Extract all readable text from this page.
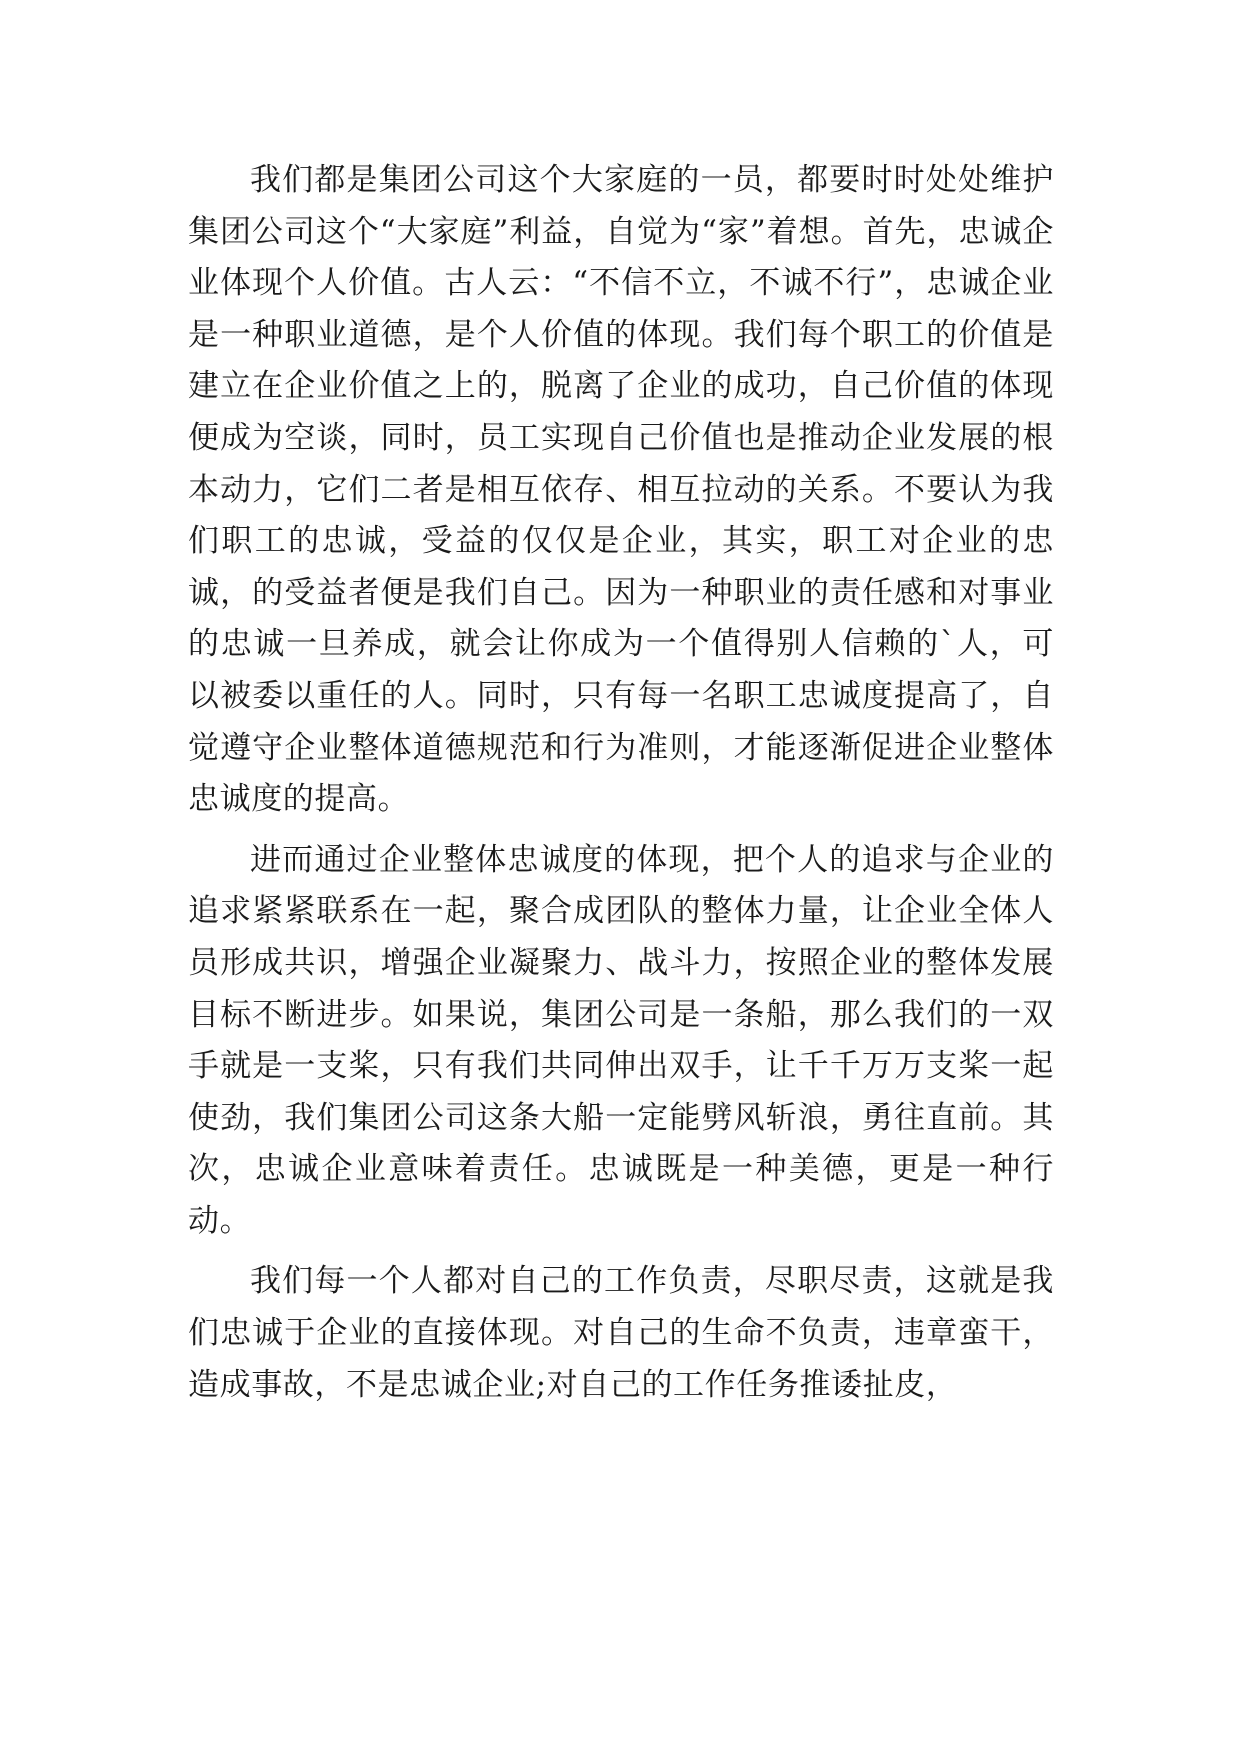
我们都是集团公司这个大家庭的一员，都要时时处处维护集团公司这个“大家庭”利益，自觉为“家”着想。首先，忠诚企业体现个人价值。古人云：“不信不立，不诚不行”，忠诚企业是一种职业道德，是个人价值的体现。我们每个职工的价值是建立在企业价值之上的，脱离了企业的成功，自己价值的体现便成为空谈，同时，员工实现自己价值也是推动企业发展的根本动力，它们二者是相互依存、相互拉动的关系。不要认为我们职工的忠诚，受益的仅仅是企业，其实，职工对企业的忠诚，的受益者便是我们自己。因为一种职业的责任感和对事业的忠诚一旦养成，就会让你成为一个值得别人信赖的`人，可以被委以重任的人。同时，只有每一名职工忠诚度提高了，自觉遵守企业整体道德规范和行为准则，才能逐渐促进企业整体忠诚度的提高。

进而通过企业整体忠诚度的体现，把个人的追求与企业的追求紧紧联系在一起，聚合成团队的整体力量，让企业全体人员形成共识，增强企业凝聚力、战斗力，按照企业的整体发展目标不断进步。如果说，集团公司是一条船，那么我们的一双手就是一支桨，只有我们共同伸出双手，让千千万万支桨一起使劲，我们集团公司这条大船一定能劈风斩浪，勇往直前。其次，忠诚企业意味着责任。忠诚既是一种美德，更是一种行动。

我们每一个人都对自己的工作负责，尽职尽责，这就是我们忠诚于企业的直接体现。对自己的生命不负责，违章蛮干，造成事故，不是忠诚企业;对自己的工作任务推诿扯皮，
